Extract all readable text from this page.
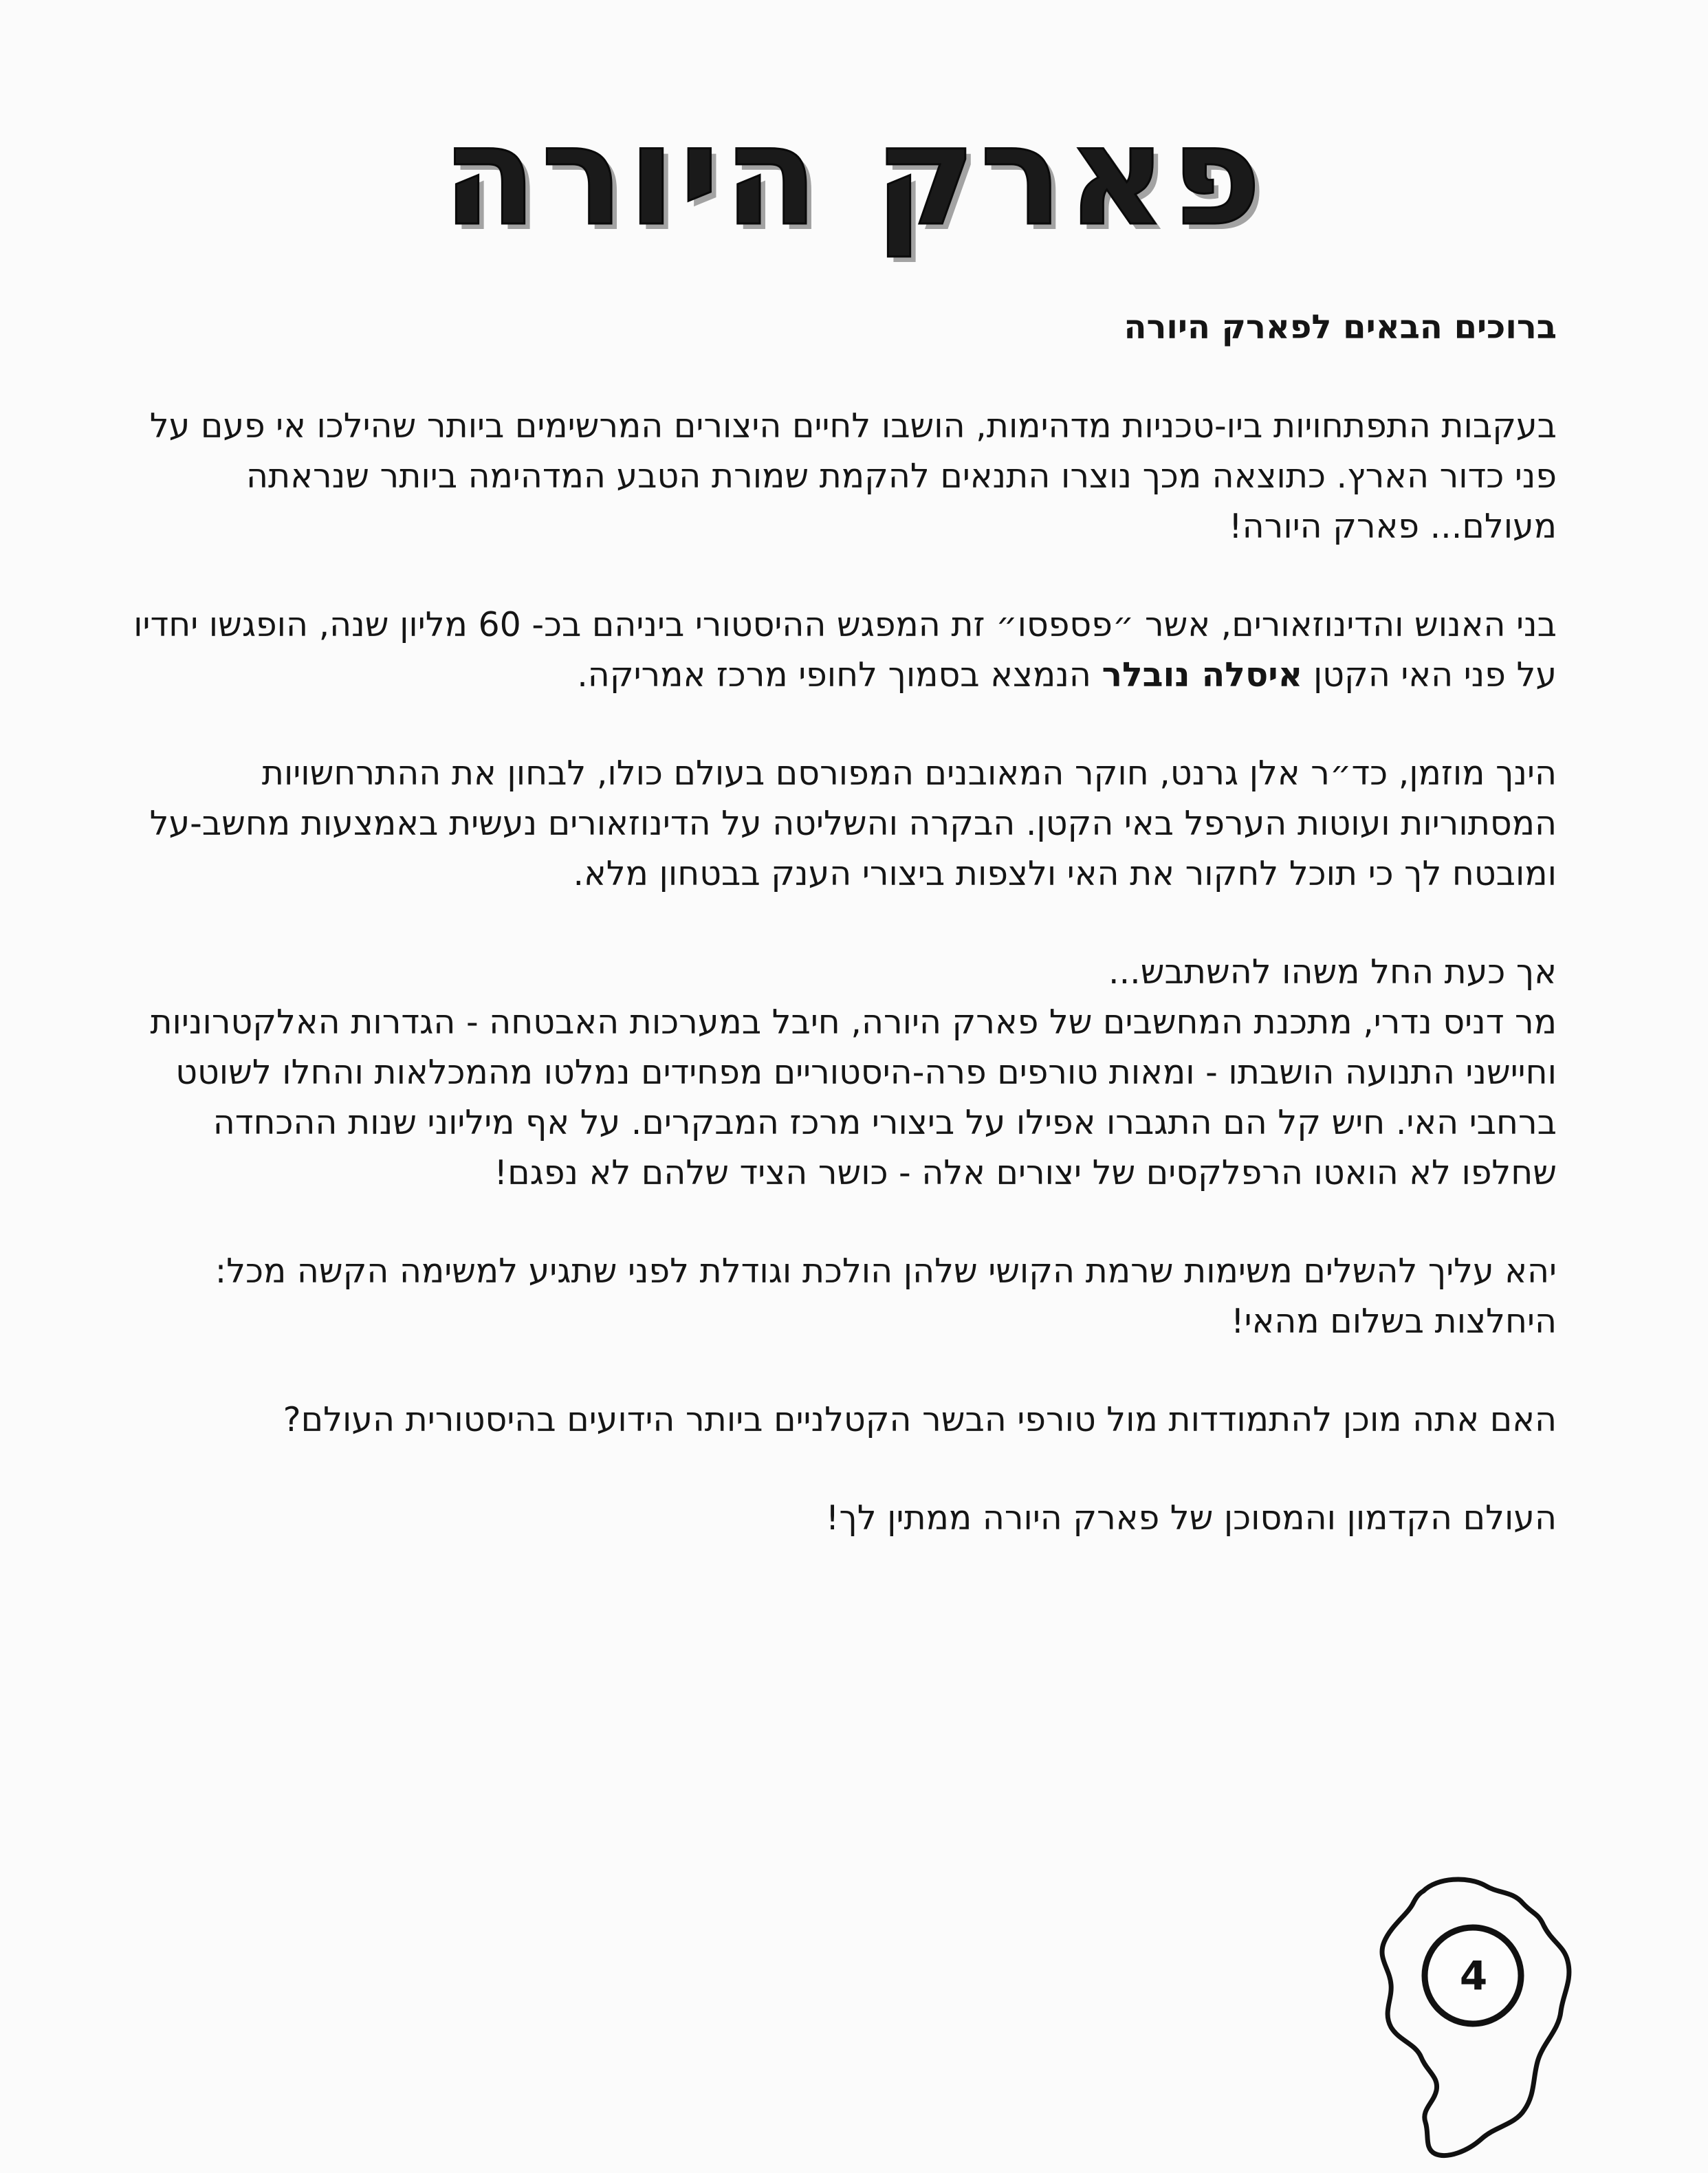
פארק היורה
ברוכים הבאים לפארק היורה

בעקבות התפתחויות ביו-טכניות מדהימות, הושבו לחיים היצורים המרשימים ביותר שהילכו אי פעם על פני כדור הארץ. כתוצאה מכך נוצרו התנאים להקמת שמורת הטבע המדהימה ביותר שנראתה מעולם... פארק היורה!

בני האנוש והדינוזאורים, אשר ״פספסו״ זת המפגש ההיסטורי ביניהם בכ- 60 מליון שנה, הופגשו יחדיו על פני האי הקטן איסלה נובלר הנמצא בסמוך לחופי מרכז אמריקה.

הינך מוזמן, כד״ר אלן גרנט, חוקר המאובנים המפורסם בעולם כולו, לבחון את ההתרחשויות המסתוריות ועוטות הערפל באי הקטן. הבקרה והשליטה על הדינוזאורים נעשית באמצעות מחשב-על ומובטח לך כי תוכל לחקור את האי ולצפות ביצורי הענק בבטחון מלא.

אך כעת החל משהו להשתבש...

מר דניס נדרי, מתכנת המחשבים של פארק היורה, חיבל במערכות האבטחה - הגדרות האלקטרוניות וחיישני התנועה הושבתו - ומאות טורפים פרה-היסטוריים מפחידים נמלטו מהמכלאות והחלו לשוטט ברחבי האי. חיש קל הם התגברו אפילו על ביצורי מרכז המבקרים. על אף מיליוני שנות ההכחדה שחלפו לא הואטו הרפלקסים של יצורים אלה - כושר הציד שלהם לא נפגם!

יהא עליך להשלים משימות שרמת הקושי שלהן הולכת וגודלת לפני שתגיע למשימה הקשה מכל: היחלצות בשלום מהאי!

האם אתה מוכן להתמודדות מול טורפי הבשר הקטלניים ביותר הידועים בהיסטורית העולם?

העולם הקדמון והמסוכן של פארק היורה ממתין לך!

4
